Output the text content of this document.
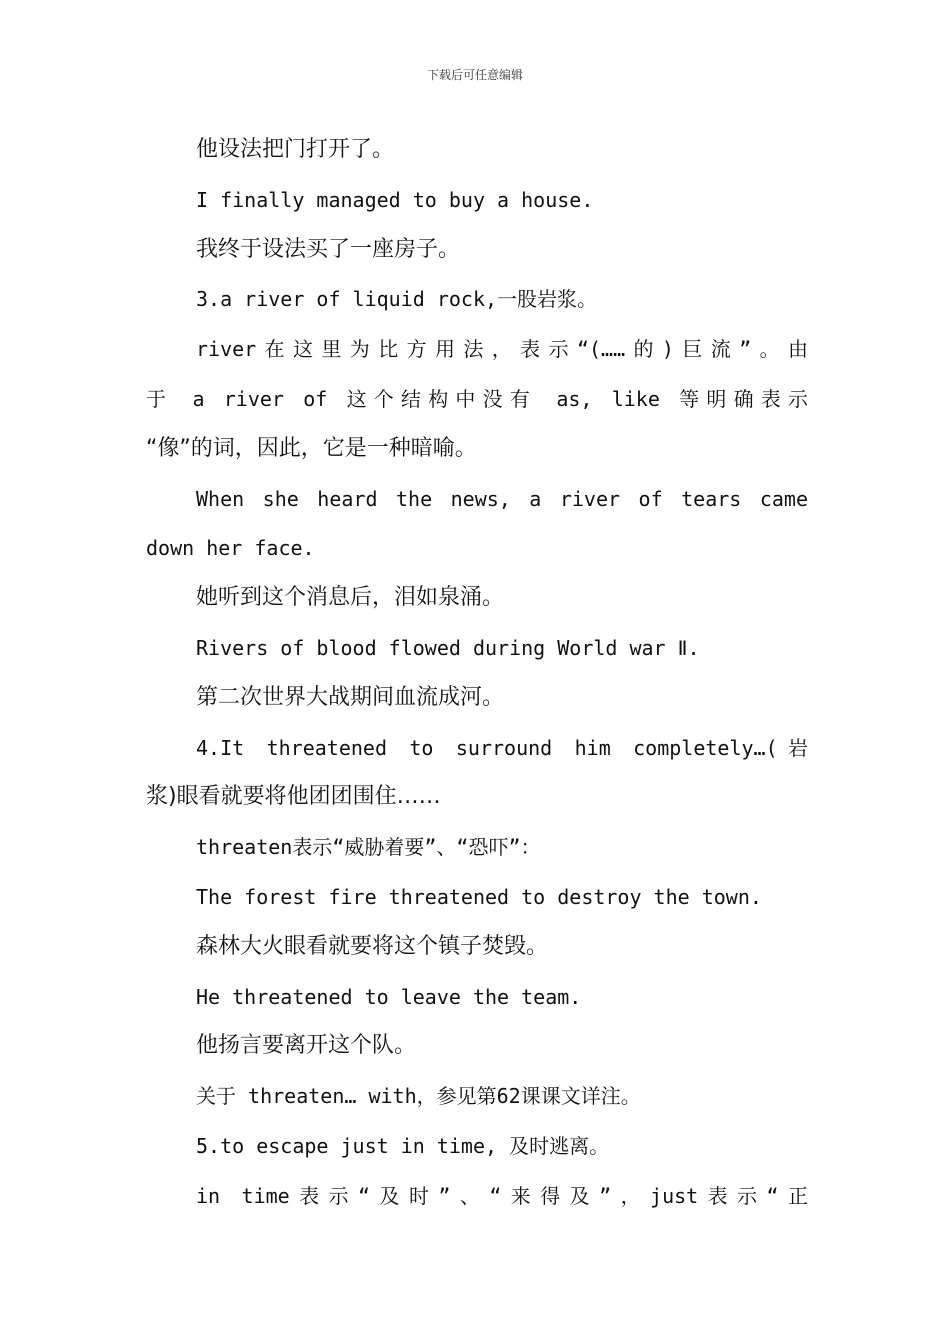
下载后可任意编辑
他设法把门打开了。
I finally managed to buy a house.
我终于设法买了一座房子。
3.a river of liquid rock,一股岩浆。
river在这里为比方用法，表示“(……的)巨流”。由
于 a river of 这个结构中没有 as, like 等明确表示
“像”的词，因此，它是一种暗喻。
When she heard the news, a river of tears came
down her face.
她听到这个消息后，泪如泉涌。
Rivers of blood flowed during World war Ⅱ.
第二次世界大战期间血流成河。
4.It threatened to surround him completely…(岩
浆)眼看就要将他团团围住……
threaten表示“威胁着要”、“恐吓”：
The forest fire threatened to destroy the town.
森林大火眼看就要将这个镇子焚毁。
He threatened to leave the team.
他扬言要离开这个队。
关于 threaten… with，参见第62课课文详注。
5.to escape just in time, 及时逃离。
in time表示“及时”、“来得及”，just表示“正
